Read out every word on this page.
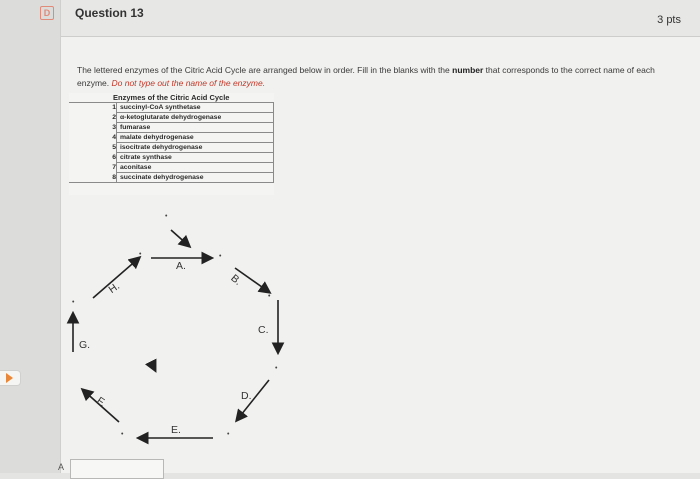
D	Question 13	3 pts
The lettered enzymes of the Citric Acid Cycle are arranged below in order. Fill in the blanks with the number that corresponds to the correct name of each enzyme. Do not type out the name of the enzyme.
Enzymes of the Citric Acid Cycle	
1	succinyl-CoA synthetase
2	α-ketoglutarate dehydrogenase
3	fumarase
4	malate dehydrogenase
5	isocitrate dehydrogenase
6	citrate synthase
7	aconitase
8	succinate dehydrogenase

•
•	•
•
•
•
•	•
A.
B.
C.
D.
E.
F.
G.
H.
A
